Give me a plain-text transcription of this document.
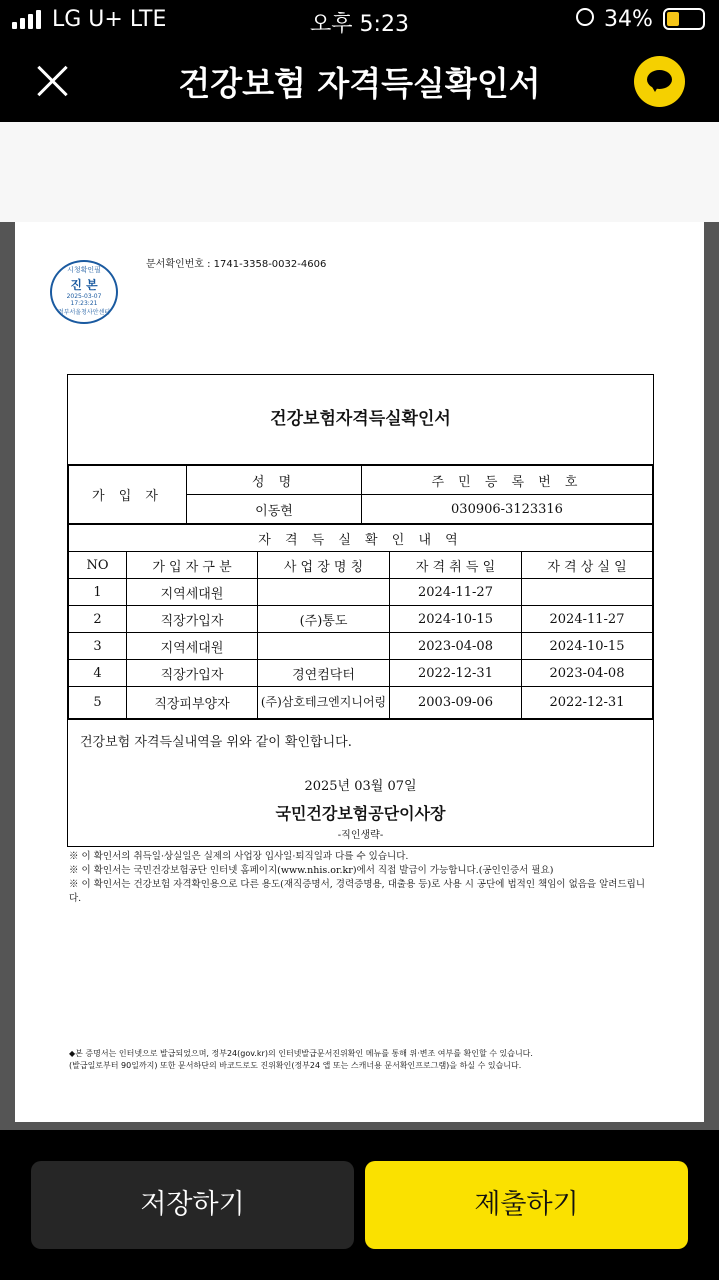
LG U+ LTE	오후 5:23	34%
건강보험 자격득실확인서
문서확인번호 : 1741-3358-0032-4606
시청확인필
진 본
2025-03-07
17:23:21
정부서울청사안센터
건강보험자격득실확인서
가 입 자	성 명	주 민 등 록 번 호
	이동현	030906-3123316
자 격 득 실 확 인 내 역				
NO	가 입 자 구 분	사 업 장 명 칭	자 격 취 득 일	자 격 상 실 일
1	지역세대원		2024-11-27	
2	직장가입자	(주)통도	2024-10-15	2024-11-27
3	지역세대원		2023-04-08	2024-10-15
4	직장가입자	경연컴닥터	2022-12-31	2023-04-08
5	직장피부양자	(주)삼호테크엔지니어링	2003-09-06	2022-12-31
건강보험 자격득실내역을 위와 같이 확인합니다.
2025년 03월 07일
국민건강보험공단이사장
-직인생략-
※ 이 확인서의 취득일·상실일은 실제의 사업장 입사일·퇴직일과 다를 수 있습니다.
※ 이 확인서는 국민건강보험공단 인터넷 홈페이지(www.nhis.or.kr)에서 직접 발급이 가능합니다.(공인인증서 필요)
※ 이 확인서는 건강보험 자격확인용으로 다른 용도(재직증명서, 경력증명용, 대출용 등)로 사용 시 공단에 법적인 책임이 없음을 알려드립니다.
◆본 증명서는 인터넷으로 발급되었으며, 정부24(gov.kr)의 인터넷발급문서진위확인 메뉴를 통해 위·변조 여부를 확인할 수 있습니다.
(발급일로부터 90일까지) 또한 문서하단의 바코드로도 진위확인(정부24 앱 또는 스캐너용 문서확인프로그램)을 하실 수 있습니다.
저장하기	제출하기
